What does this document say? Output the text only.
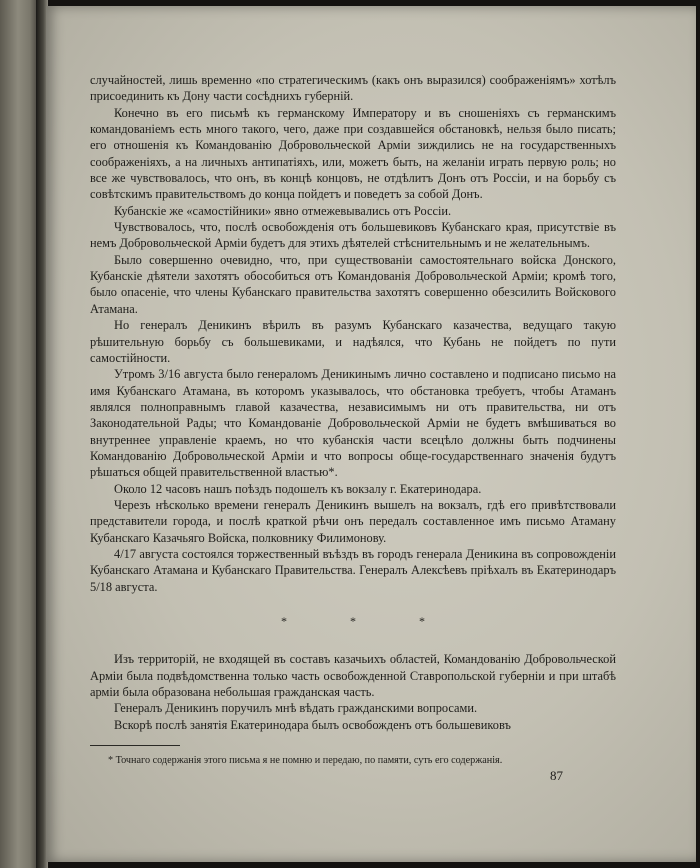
случайностей, лишь временно «по стратегическимъ (какъ онъ выразился) соображеніямъ» хотѣлъ присоединить къ Дону части сосѣднихъ губерній.

Конечно въ его письмѣ къ германскому Императору и въ сношеніяхъ съ германскимъ командованіемъ есть много такого, чего, даже при создавшейся обстановкѣ, нельзя было писать; его отношенія къ Командованію Добровольческой Арміи зиждились не на государственныхъ соображеніяхъ, а на личныхъ антипатіяхъ, или, можетъ быть, на желаніи играть первую роль; но все же чувствовалось, что онъ, въ концѣ концовъ, не отдѣлитъ Донъ отъ Россіи, и на борьбу съ совѣтскимъ правительствомъ до конца пойдетъ и поведетъ за собой Донъ.

Кубанскіе же «самостійники» явно отмежевывались отъ Россіи.

Чувствовалось, что, послѣ освобожденія отъ большевиковъ Кубанскаго края, присутствіе въ немъ Добровольческой Арміи будетъ для этихъ дѣятелей стѣснительнымъ и не желательнымъ.

Было совершенно очевидно, что, при существованіи самостоятельнаго войска Донского, Кубанскіе дѣятели захотятъ обособиться отъ Командованія Добровольческой Арміи; кромѣ того, было опасеніе, что члены Кубанскаго правительства захотятъ совершенно обезсилить Войскового Атамана.

Но генералъ Деникинъ вѣрилъ въ разумъ Кубанскаго казачества, ведущаго такую рѣшительную борьбу съ большевиками, и надѣялся, что Кубань не пойдетъ по пути самостійности.

Утромъ 3/16 августа было генераломъ Деникинымъ лично составлено и подписано письмо на имя Кубанскаго Атамана, въ которомъ указывалось, что обстановка требуетъ, чтобы Атаманъ являлся полноправнымъ главой казачества, независимымъ ни отъ правительства, ни отъ Законодательной Рады; что Командованіе Добровольческой Арміи не будетъ вмѣшиваться во внутреннее управленіе краемъ, но что кубанскія части всецѣло должны быть подчинены Командованію Добровольческой Арміи и что вопросы обще-государственнаго значенія будутъ рѣшаться общей правительственной властью*.

Около 12 часовъ нашъ поѣздъ подошелъ къ вокзалу г. Екатеринодара.

Черезъ нѣсколько времени генералъ Деникинъ вышелъ на вокзалъ, гдѣ его привѣтствовали представители города, и послѣ краткой рѣчи онъ передалъ составленное имъ письмо Атаману Кубанскаго Казачьяго Войска, полковнику Филимонову.

4/17 августа состоялся торжественный въѣздъ въ городъ генерала Деникина въ сопровожденіи Кубанскаго Атамана и Кубанскаго Правительства. Генералъ Алексѣевъ пріѣхалъ въ Екатеринодаръ 5/18 августа.

* * *

Изъ территорій, не входящей въ составъ казачьихъ областей, Командованію Добровольческой Арміи была подвѣдомственна только часть освобожденной Ставропольской губерніи и при штабѣ арміи была образована небольшая гражданская часть.

Генералъ Деникинъ поручилъ мнѣ вѣдать гражданскими вопросами.

Вскорѣ послѣ занятія Екатеринодара былъ освобожденъ отъ большевиковъ

* Точнаго содержанія этого письма я не помню и передаю, по памяти, суть его содержанія.

87
